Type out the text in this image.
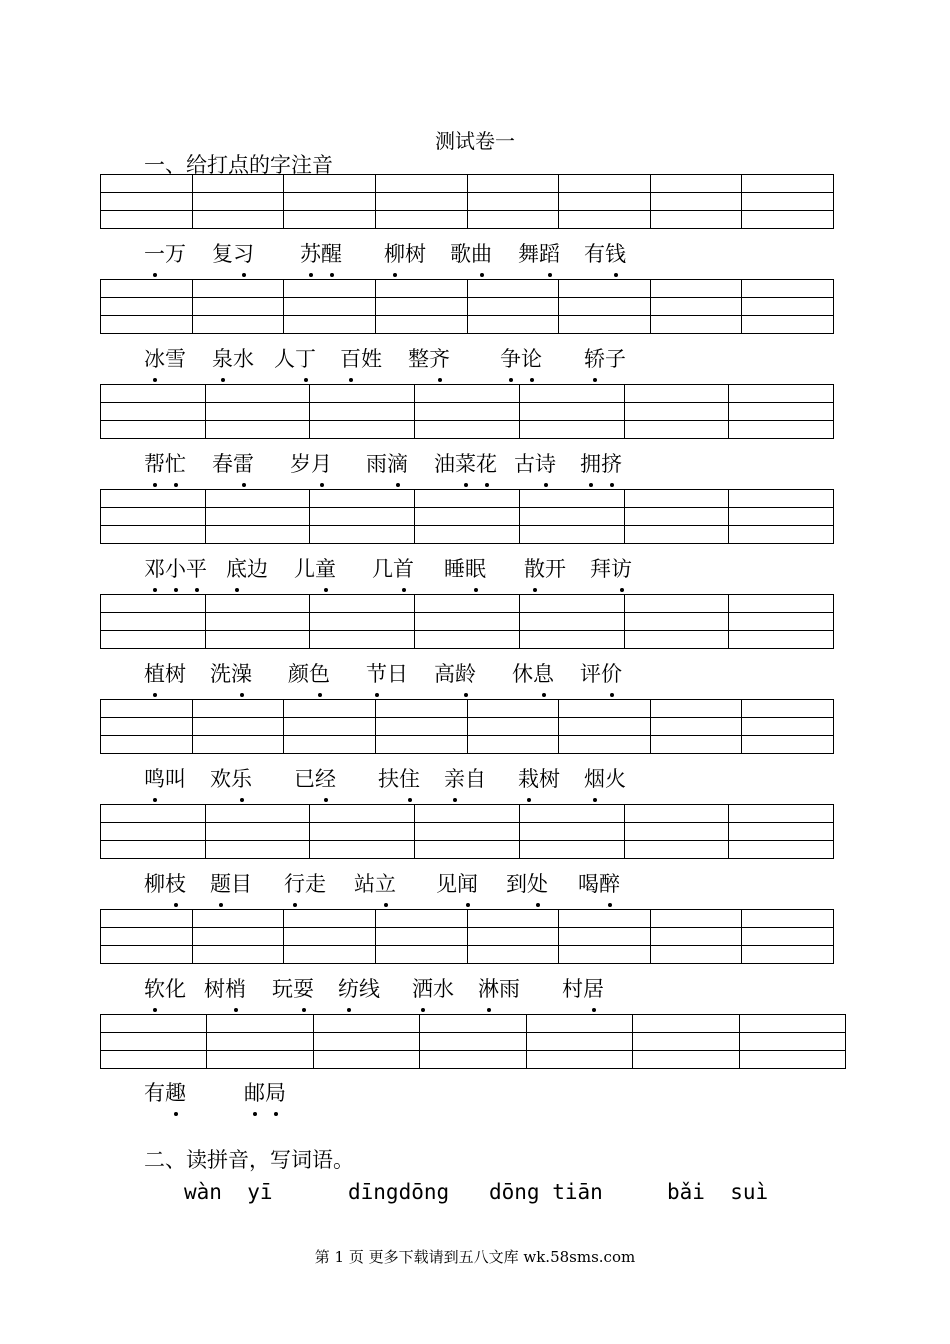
测试卷一
一、给打点的字注音
一万 复习 苏醒 柳树 歌曲 舞蹈 有钱
冰雪 泉水 人丁 百姓 整齐 争论 轿子
帮忙 春雷 岁月 雨滴 油菜花 古诗 拥挤
邓小平 底边 儿童 几首 睡眠 散开 拜访
植树 洗澡 颜色 节日 高龄 休息 评价
鸣叫 欢乐 已经 扶住 亲自 栽树 烟火
柳枝 题目 行走 站立 见闻 到处 喝醉
软化 树梢 玩耍 纺线 洒水 淋雨 村居
有趣	邮局
二、读拼音，写词语。
wàn  yī	dīngdōng dōng tiān	bǎi  suì
第 1 页 更多下载请到五八文库 wk.58sms.com
